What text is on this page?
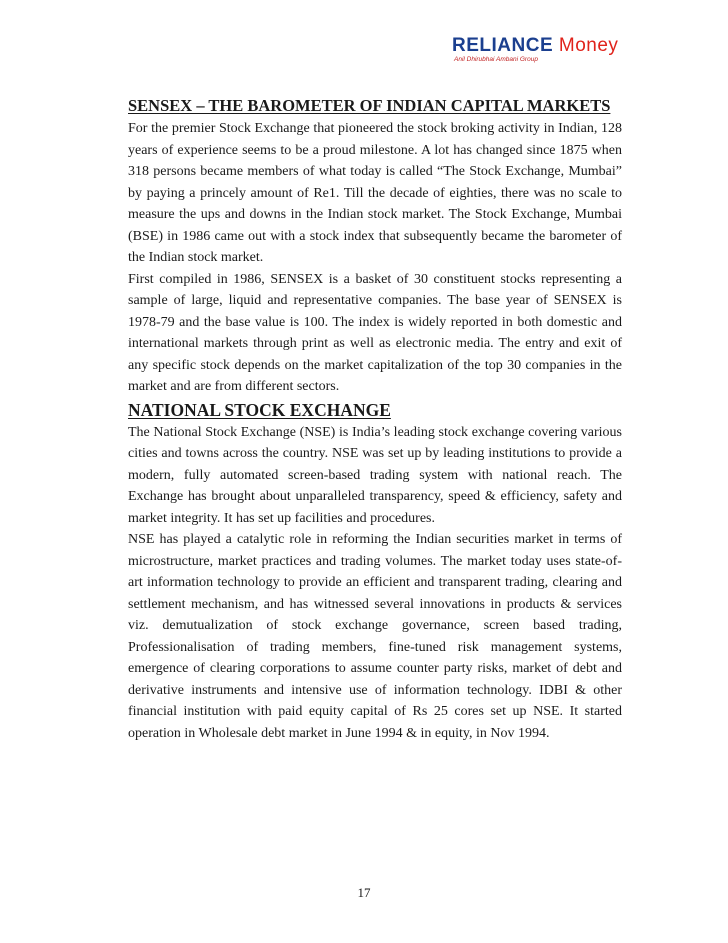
RELIANCE Money
Anil Dhirubhai Ambani Group
SENSEX – THE BAROMETER OF INDIAN CAPITAL MARKETS

For the premier Stock Exchange that pioneered the stock broking activity in Indian, 128 years of experience seems to be a proud milestone. A lot has changed since 1875 when 318 persons became members of what today is called “The Stock Exchange, Mumbai” by paying a princely amount of Re1. Till the decade of eighties, there was no scale to measure the ups and downs in the Indian stock market. The Stock Exchange, Mumbai (BSE) in 1986 came out with a stock index that subsequently became the barometer of the Indian stock market.

First compiled in 1986, SENSEX is a basket of 30 constituent stocks representing a sample of large, liquid and representative companies. The base year of SENSEX is 1978-79 and the base value is 100. The index is widely reported in both domestic and international markets through print as well as electronic media. The entry and exit of any specific stock depends on the market capitalization of the top 30 companies in the market and are from different sectors.

NATIONAL STOCK EXCHANGE

The National Stock Exchange (NSE) is India’s leading stock exchange covering various cities and towns across the country. NSE was set up by leading institutions to provide a modern, fully automated screen-based trading system with national reach. The Exchange has brought about unparalleled transparency, speed & efficiency, safety and market integrity. It has set up facilities and procedures.

NSE has played a catalytic role in reforming the Indian securities market in terms of microstructure, market practices and trading volumes. The market today uses state-of-art information technology to provide an efficient and transparent trading, clearing and settlement mechanism, and has witnessed several innovations in products & services viz. demutualization of stock exchange governance, screen based trading, Professionalisation of trading members, fine-tuned risk management systems, emergence of clearing corporations to assume counter party risks, market of debt and derivative instruments and intensive use of information technology. IDBI & other financial institution with paid equity capital of Rs 25 cores set up NSE. It started operation in Wholesale debt market in June 1994 & in equity, in Nov 1994.

17
